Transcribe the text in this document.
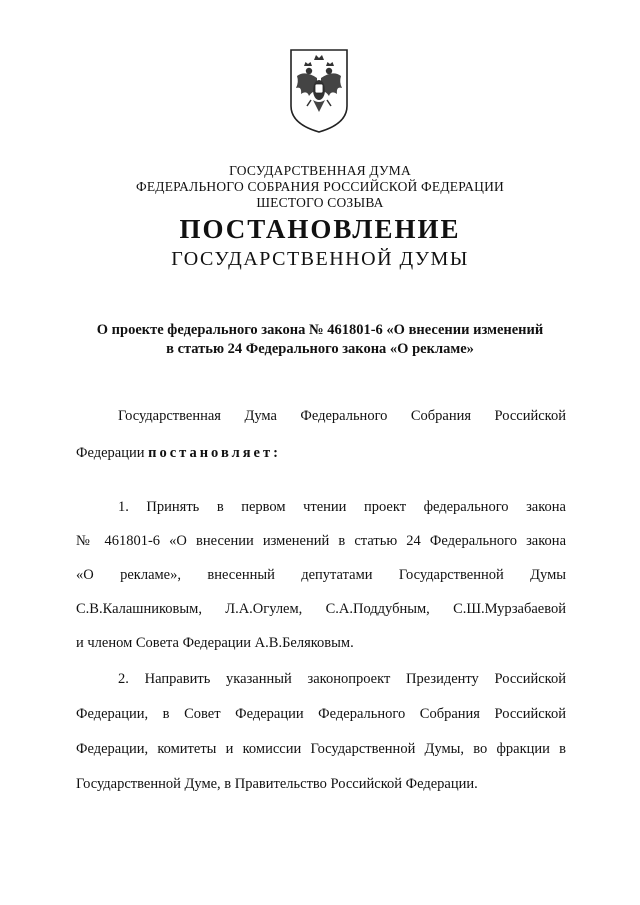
ГОСУДАРСТВЕННАЯ ДУМА
ФЕДЕРАЛЬНОГО СОБРАНИЯ РОССИЙСКОЙ ФЕДЕРАЦИИ
ШЕСТОГО СОЗЫВА
ПОСТАНОВЛЕНИЕ
ГОСУДАРСТВЕННОЙ ДУМЫ
О проекте федерального закона № 461801-6 «О внесении изменений
в статью 24 Федерального закона «О рекламе»
Государственная Дума Федерального Собрания Российской
Федерации постановляет:
1. Принять в первом чтении проект федерального закона
№ 461801-6 «О внесении изменений в статью 24 Федерального закона
«О рекламе», внесенный депутатами Государственной Думы
С.В.Калашниковым, Л.А.Огулем, С.А.Поддубным, С.Ш.Мурзабаевой
и членом Совета Федерации А.В.Беляковым.
2. Направить указанный законопроект Президенту Российской
Федерации, в Совет Федерации Федерального Собрания Российской
Федерации, комитеты и комиссии Государственной Думы, во фракции в
Государственной Думе, в Правительство Российской Федерации.
